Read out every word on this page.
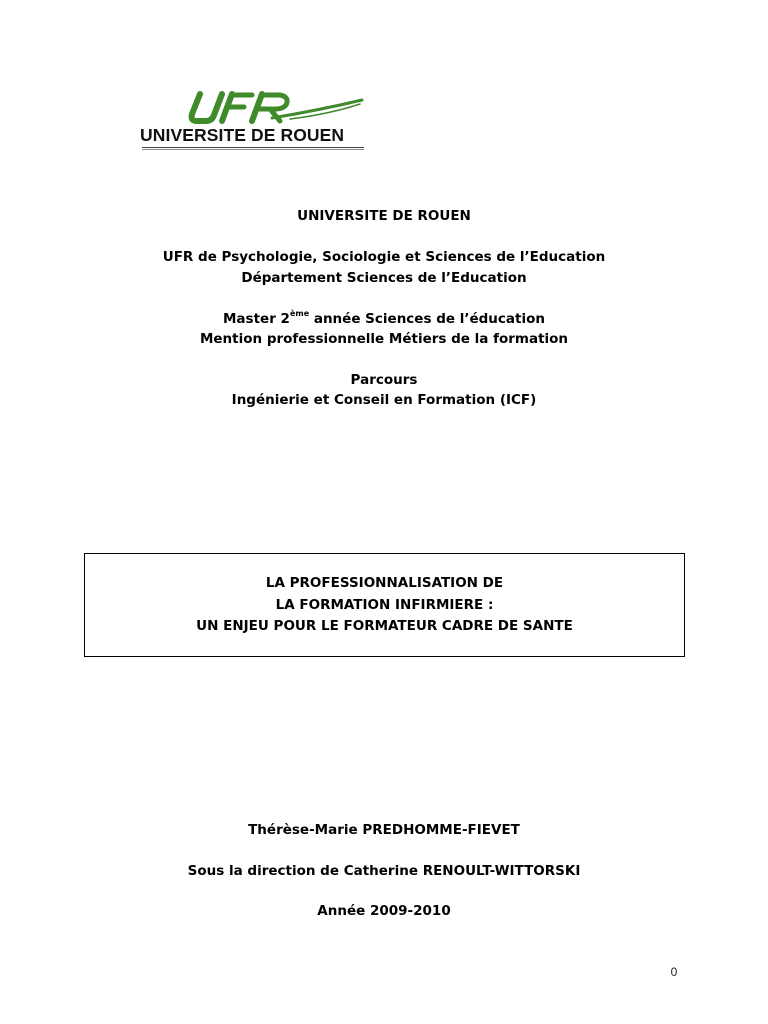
UNIVERSITE DE ROUEN
UNIVERSITE DE ROUEN
UFR de Psychologie, Sociologie et Sciences de l’Education
Département Sciences de l’Education
Master 2ème année Sciences de l’éducation
Mention professionnelle Métiers de la formation
Parcours
Ingénierie et Conseil en Formation (ICF)
LA PROFESSIONNALISATION DE
LA FORMATION INFIRMIERE :
UN ENJEU POUR LE FORMATEUR CADRE DE SANTE
Thérèse-Marie PREDHOMME-FIEVET
Sous la direction de Catherine RENOULT-WITTORSKI
Année 2009-2010
0
